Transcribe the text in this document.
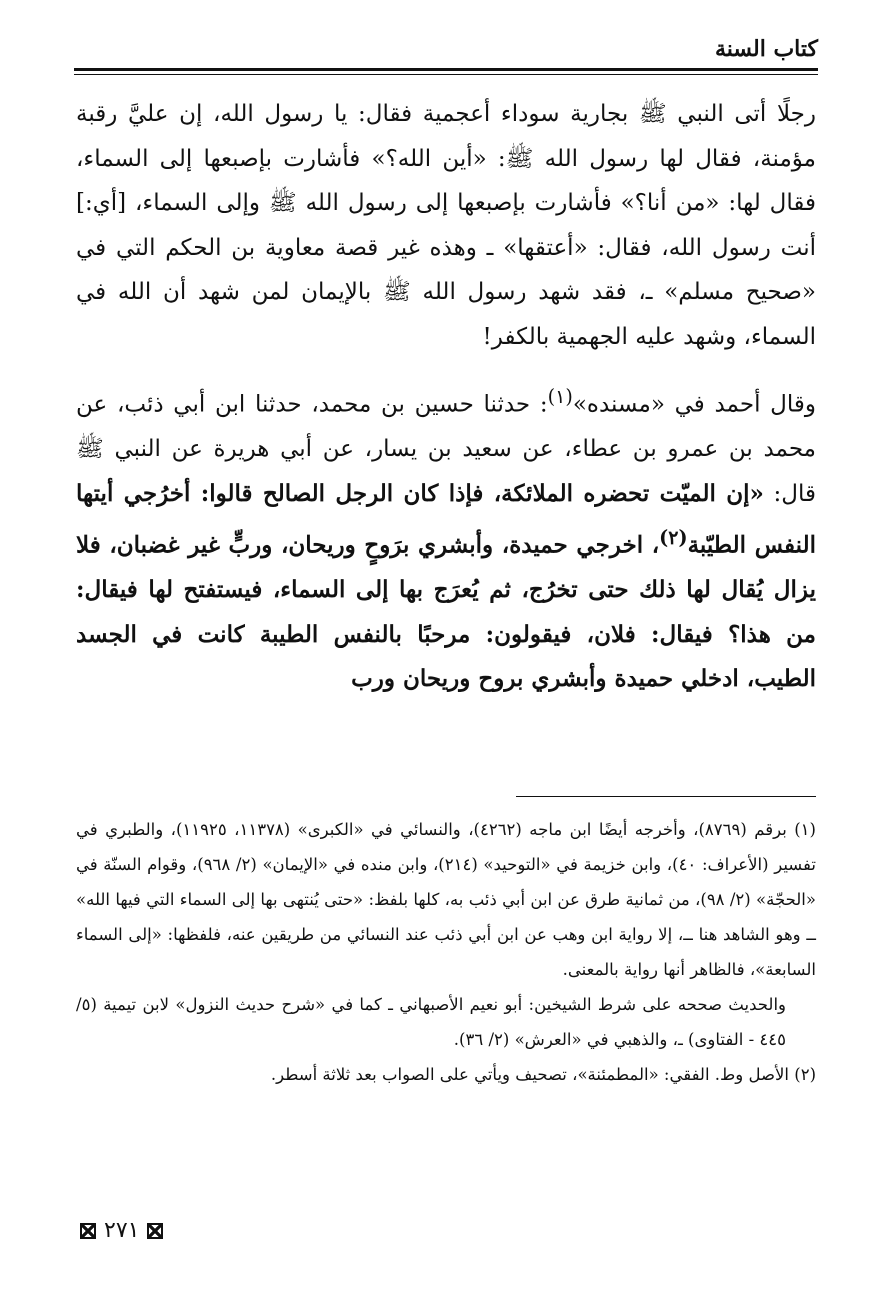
كتاب السنة

رجلًا أتى النبي ﷺ بجارية سوداء أعجمية فقال: يا رسول الله، إن عليَّ رقبة مؤمنة، فقال لها رسول الله ﷺ: «أين الله؟» فأشارت بإصبعها إلى السماء، فقال لها: «من أنا؟» فأشارت بإصبعها إلى رسول الله ﷺ وإلى السماء، [أي:] أنت رسول الله، فقال: «أعتقها» ـ وهذه غير قصة معاوية بن الحكم التي في «صحيح مسلم» ـ، فقد شهد رسول الله ﷺ بالإيمان لمن شهد أن الله في السماء، وشهد عليه الجهمية بالكفر!

وقال أحمد في «مسنده»$^{(١)}$: حدثنا حسين بن محمد، حدثنا ابن أبي ذئب، عن محمد بن عمرو بن عطاء، عن سعيد بن يسار، عن أبي هريرة عن النبي ﷺ قال: «إن الميّت تحضره الملائكة، فإذا كان الرجل الصالح قالوا: أخرُجي أيتها النفس الطيّبة$^{(٢)}$، اخرجي حميدة، وأبشري برَوحٍ وريحان، وربٍّ غير غضبان، فلا يزال يُقال لها ذلك حتى تخرُج، ثم يُعرَج بها إلى السماء، فيستفتح لها فيقال: من هذا؟ فيقال: فلان، فيقولون: مرحبًا بالنفس الطيبة كانت في الجسد الطيب، ادخلي حميدة وأبشري بروح وريحان ورب

(١) برقم (٨٧٦٩)، وأخرجه أيضًا ابن ماجه (٤٢٦٢)، والنسائي في «الكبرى» (١١٣٧٨، ١١٩٢٥)، والطبري في تفسير (الأعراف: ٤٠)، وابن خزيمة في «التوحيد» (٢١٤)، وابن منده في «الإيمان» (٢/ ٩٦٨)، وقوام السنّة في «الحجّة» (٢/ ٩٨)، من ثمانية طرق عن ابن أبي ذئب به، كلها بلفظ: «حتى يُنتهى بها إلى السماء التي فيها الله» ــ وهو الشاهد هنا ــ، إلا رواية ابن وهب عن ابن أبي ذئب عند النسائي من طريقين عنه، فلفظها: «إلى السماء السابعة»، فالظاهر أنها رواية بالمعنى.

والحديث صححه على شرط الشيخين: أبو نعيم الأصبهاني ـ كما في «شرح حديث النزول» لابن تيمية (٥/ ٤٤٥ - الفتاوى) ـ، والذهبي في «العرش» (٢/ ٣٦).

(٢) الأصل وط. الفقي: «المطمئنة»، تصحيف ويأتي على الصواب بعد ثلاثة أسطر.

٢٧١
